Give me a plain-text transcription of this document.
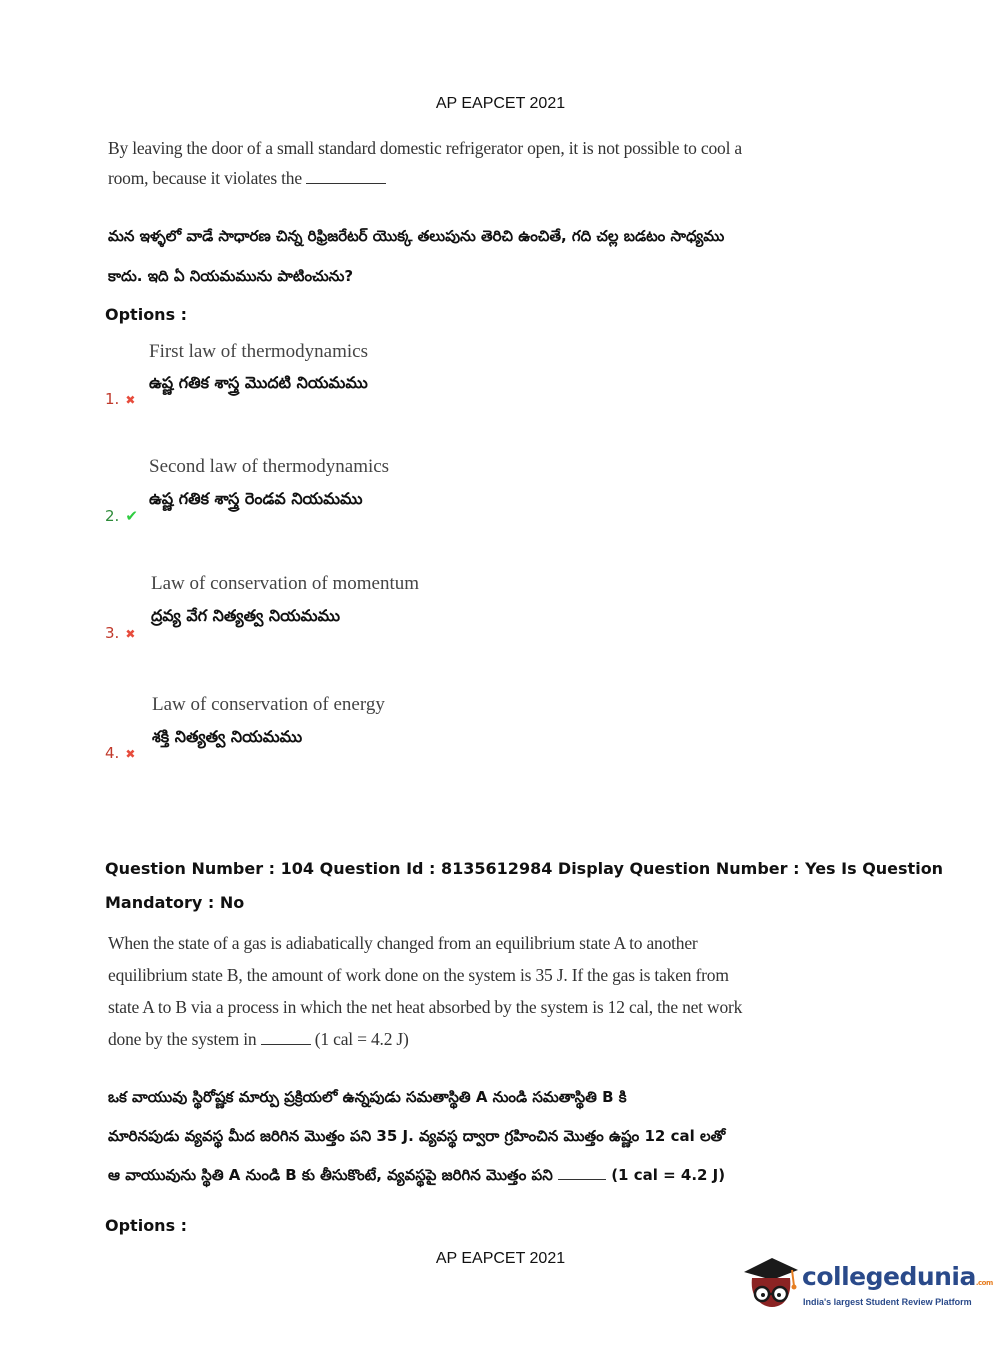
AP EAPCET 2021
By leaving the door of a small standard domestic refrigerator open, it is not possible to cool a
room, because it violates the
మన ఇళ్ళలో వాడే సాధారణ చిన్న రిఫ్రిజరేటర్ యొక్క తలుపును తెరిచి ఉంచితే, గది చల్ల బడటం సాధ్యము
కాదు. ఇది ఏ నియమమును పాటించును?
Options :
First law of thermodynamics
ఉష్ణ గతిక శాస్త్ర మొదటి నియమము
1. ✖
Second law of thermodynamics
ఉష్ణ గతిక శాస్త్ర రెండవ నియమము
2. ✔
Law of conservation of momentum
ద్రవ్య వేగ నిత్యత్వ నియమము
3. ✖
Law of conservation of energy
శక్తి నిత్యత్వ నియమము
4. ✖
Question Number : 104 Question Id : 8135612984 Display Question Number : Yes Is Question
Mandatory : No
When the state of a gas is adiabatically changed from an equilibrium state A to another
equilibrium state B, the amount of work done on the system is 35 J. If the gas is taken from
state A to B via a process in which the net heat absorbed by the system is 12 cal, the net work
done by the system in	(1 cal = 4.2 J)
ఒక వాయువు స్థిరోష్ణక మార్పు ప్రక్రియలో ఉన్నపుడు సమతాస్థితి A నుండి సమతాస్థితి B కి
మారినపుడు వ్యవస్థ మీద జరిగిన మొత్తం పని 35 J. వ్యవస్థ ద్వారా గ్రహించిన మొత్తం ఉష్ణం 12 cal లతో
ఆ వాయువును స్థితి A నుండి B కు తీసుకొంటే, వ్యవస్థపై జరిగిన మొత్తం పని	(1 cal = 4.2 J)
Options :
AP EAPCET 2021
collegedunia.com
India's largest Student Review Platform
